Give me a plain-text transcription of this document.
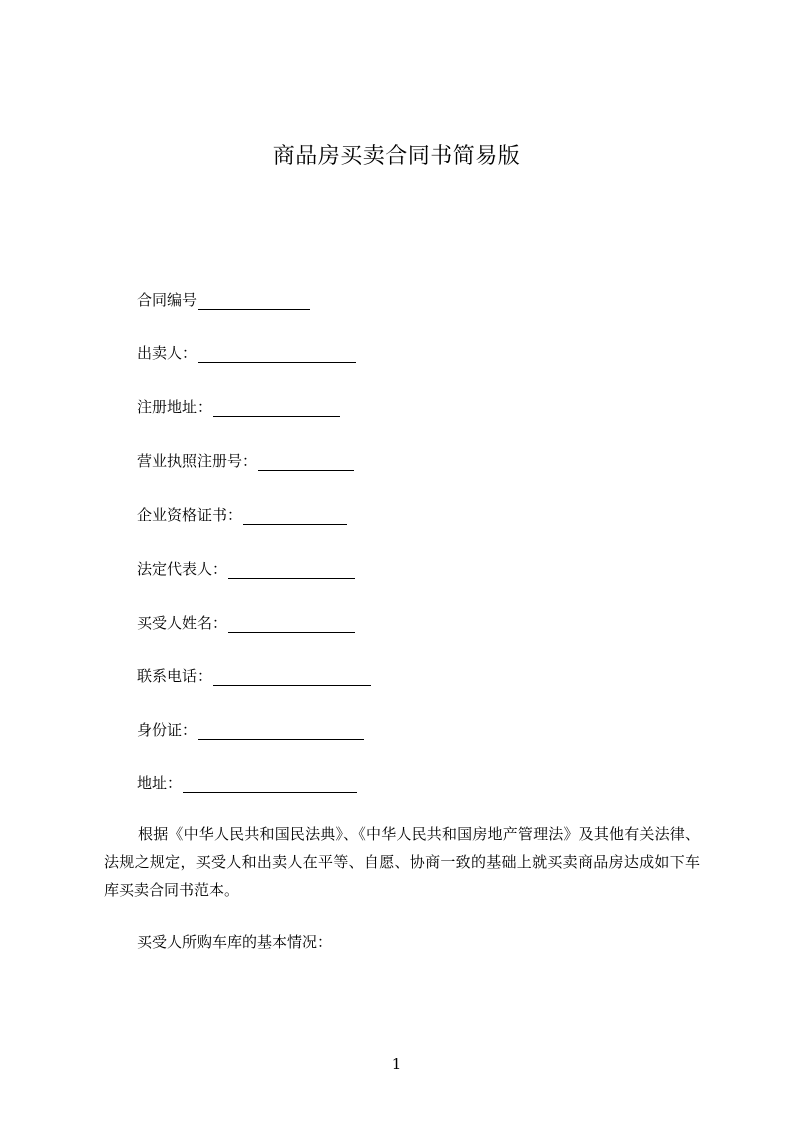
商品房买卖合同书简易版
合同编号
出卖人：
注册地址：
营业执照注册号：
企业资格证书：
法定代表人：
买受人姓名：
联系电话：
身份证：
地址：

根据《中华人民共和国民法典》、《中华人民共和国房地产管理法》及其他有关法律、法规之规定，买受人和出卖人在平等、自愿、协商一致的基础上就买卖商品房达成如下车库买卖合同书范本。

买受人所购车库的基本情况：
1
